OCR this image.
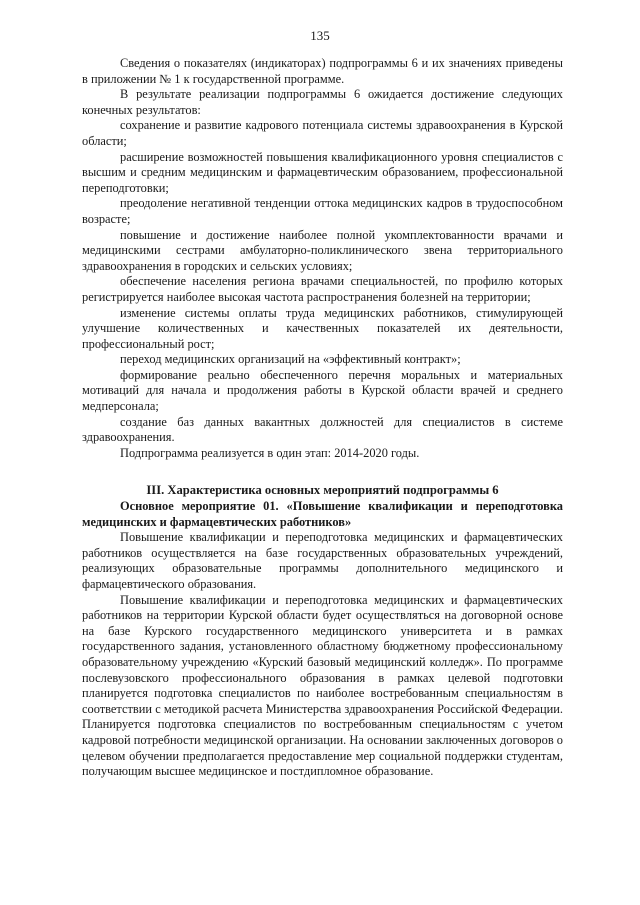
135

Сведения о показателях (индикаторах) подпрограммы 6 и их значениях приведены в приложении № 1 к государственной программе.

В результате реализации подпрограммы 6 ожидается достижение следующих конечных результатов:

сохранение и развитие кадрового потенциала системы здравоохранения в Курской области;

расширение возможностей повышения квалификационного уровня специалистов с высшим и средним медицинским и фармацевтическим образованием, профессиональной переподготовки;

преодоление негативной тенденции оттока медицинских кадров в трудоспособном возрасте;

повышение и достижение наиболее полной укомплектованности врачами и медицинскими сестрами амбулаторно-поликлинического звена территориального здравоохранения в городских и сельских условиях;

обеспечение населения региона врачами специальностей, по профилю которых регистрируется наиболее высокая частота распространения болезней на территории;

изменение системы оплаты труда медицинских работников, стимулирующей улучшение количественных и качественных показателей их деятельности, профессиональный рост;

переход медицинских организаций на «эффективный контракт»;

формирование реально обеспеченного перечня моральных и материальных мотиваций для начала и продолжения работы в Курской области врачей и среднего медперсонала;

создание баз данных вакантных должностей для специалистов в системе здравоохранения.

Подпрограмма реализуется в один этап: 2014-2020 годы.

III. Характеристика основных мероприятий подпрограммы 6

Основное мероприятие 01. «Повышение квалификации и переподготовка медицинских и фармацевтических работников»

Повышение квалификации и переподготовка медицинских и фармацевтических работников осуществляется на базе государственных образовательных учреждений, реализующих образовательные программы дополнительного медицинского и фармацевтического образования.

Повышение квалификации и переподготовка медицинских и фармацевтических работников на территории Курской области будет осуществляться на договорной основе на базе Курского государственного медицинского университета и в рамках государственного задания, установленного областному бюджетному профессиональному образовательному учреждению «Курский базовый медицинский колледж». По программе послевузовского профессионального образования в рамках целевой подготовки планируется подготовка специалистов по наиболее востребованным специальностям в соответствии с методикой расчета Министерства здравоохранения Российской Федерации. Планируется подготовка специалистов по востребованным специальностям с учетом кадровой потребности медицинской организации. На основании заключенных договоров о целевом обучении предполагается предоставление мер социальной поддержки студентам, получающим высшее медицинское и постдипломное образование.
